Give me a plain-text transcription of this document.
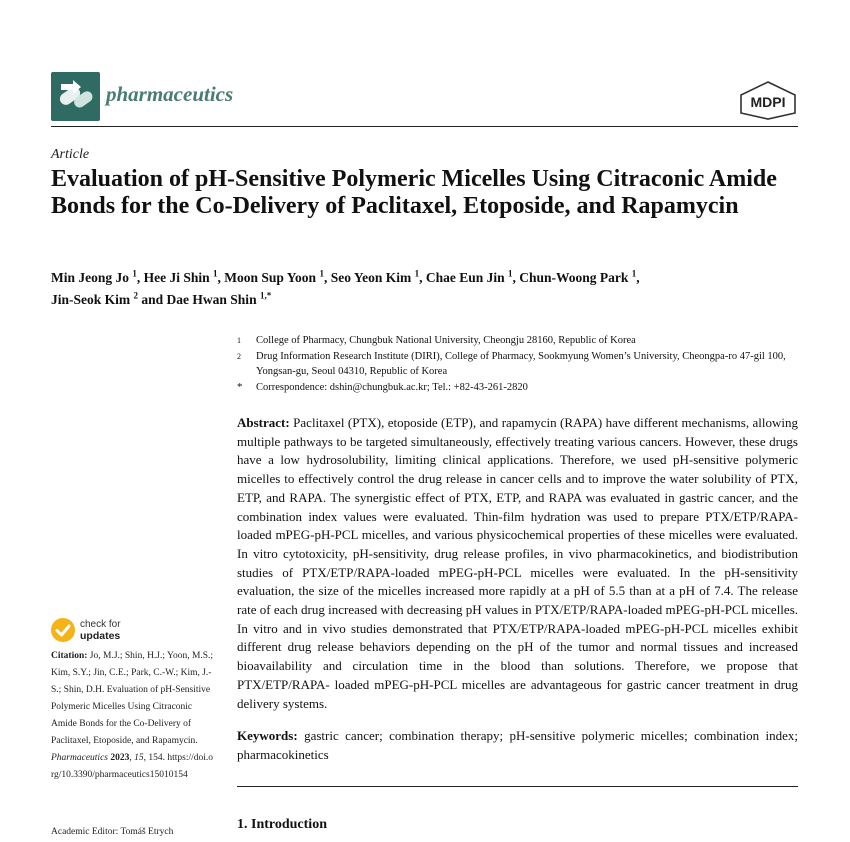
pharmaceutics	MDPI
Article
Evaluation of pH-Sensitive Polymeric Micelles Using Citraconic Amide Bonds for the Co-Delivery of Paclitaxel, Etoposide, and Rapamycin
Min Jeong Jo $^1$, Hee Ji Shin $^1$, Moon Sup Yoon $^1$, Seo Yeon Kim $^1$, Chae Eun Jin $^1$, Chun-Woong Park $^1$,
Jin-Seok Kim $^2$ and Dae Hwan Shin $^{1,*}$
1	College of Pharmacy, Chungbuk National University, Cheongju 28160, Republic of Korea
2	Drug Information Research Institute (DIRI), College of Pharmacy, Sookmyung Women’s University, Cheongpa-ro 47-gil 100, Yongsan-gu, Seoul 04310, Republic of Korea
*	Correspondence: dshin@chungbuk.ac.kr; Tel.: +82-43-261-2820
Abstract: Paclitaxel (PTX), etoposide (ETP), and rapamycin (RAPA) have different mechanisms, allowing multiple pathways to be targeted simultaneously, effectively treating various cancers. However, these drugs have a low hydrosolubility, limiting clinical applications. Therefore, we used pH-sensitive polymeric micelles to effectively control the drug release in cancer cells and to improve the water solubility of PTX, ETP, and RAPA. The synergistic effect of PTX, ETP, and RAPA was evaluated in gastric cancer, and the combination index values were evaluated. Thin-film hydration was used to prepare PTX/ETP/RAPA-loaded mPEG-pH-PCL micelles, and various physicochemical properties of these micelles were evaluated. In vitro cytotoxicity, pH-sensitivity, drug release profiles, in vivo pharmacokinetics, and biodistribution studies of PTX/ETP/RAPA-loaded mPEG-pH-PCL micelles were evaluated. In the pH-sensitivity evaluation, the size of the micelles increased more rapidly at a pH of 5.5 than at a pH of 7.4. The release rate of each drug increased with decreasing pH values in PTX/ETP/RAPA-loaded mPEG-pH-PCL micelles. In vitro and in vivo studies demonstrated that PTX/ETP/RAPA-loaded mPEG-pH-PCL micelles exhibit different drug release behaviors depending on the pH of the tumor and normal tissues and increased bioavailability and circulation time in the blood than solutions. Therefore, we propose that PTX/ETP/RAPA- loaded mPEG-pH-PCL micelles are advantageous for gastric cancer treatment in drug delivery systems.
Keywords: gastric cancer; combination therapy; pH-sensitive polymeric micelles; combination index; pharmacokinetics
1. Introduction
check for
updates
Citation: Jo, M.J.; Shin, H.J.; Yoon, M.S.; Kim, S.Y.; Jin, C.E.; Park, C.-W.; Kim, J.-S.; Shin, D.H. Evaluation of pH-Sensitive Polymeric Micelles Using Citraconic Amide Bonds for the Co-Delivery of Paclitaxel, Etoposide, and Rapamycin. Pharmaceutics 2023, 15, 154. https://doi.org/10.3390/pharmaceutics15010154
Academic Editor: Tomáš Etrych
